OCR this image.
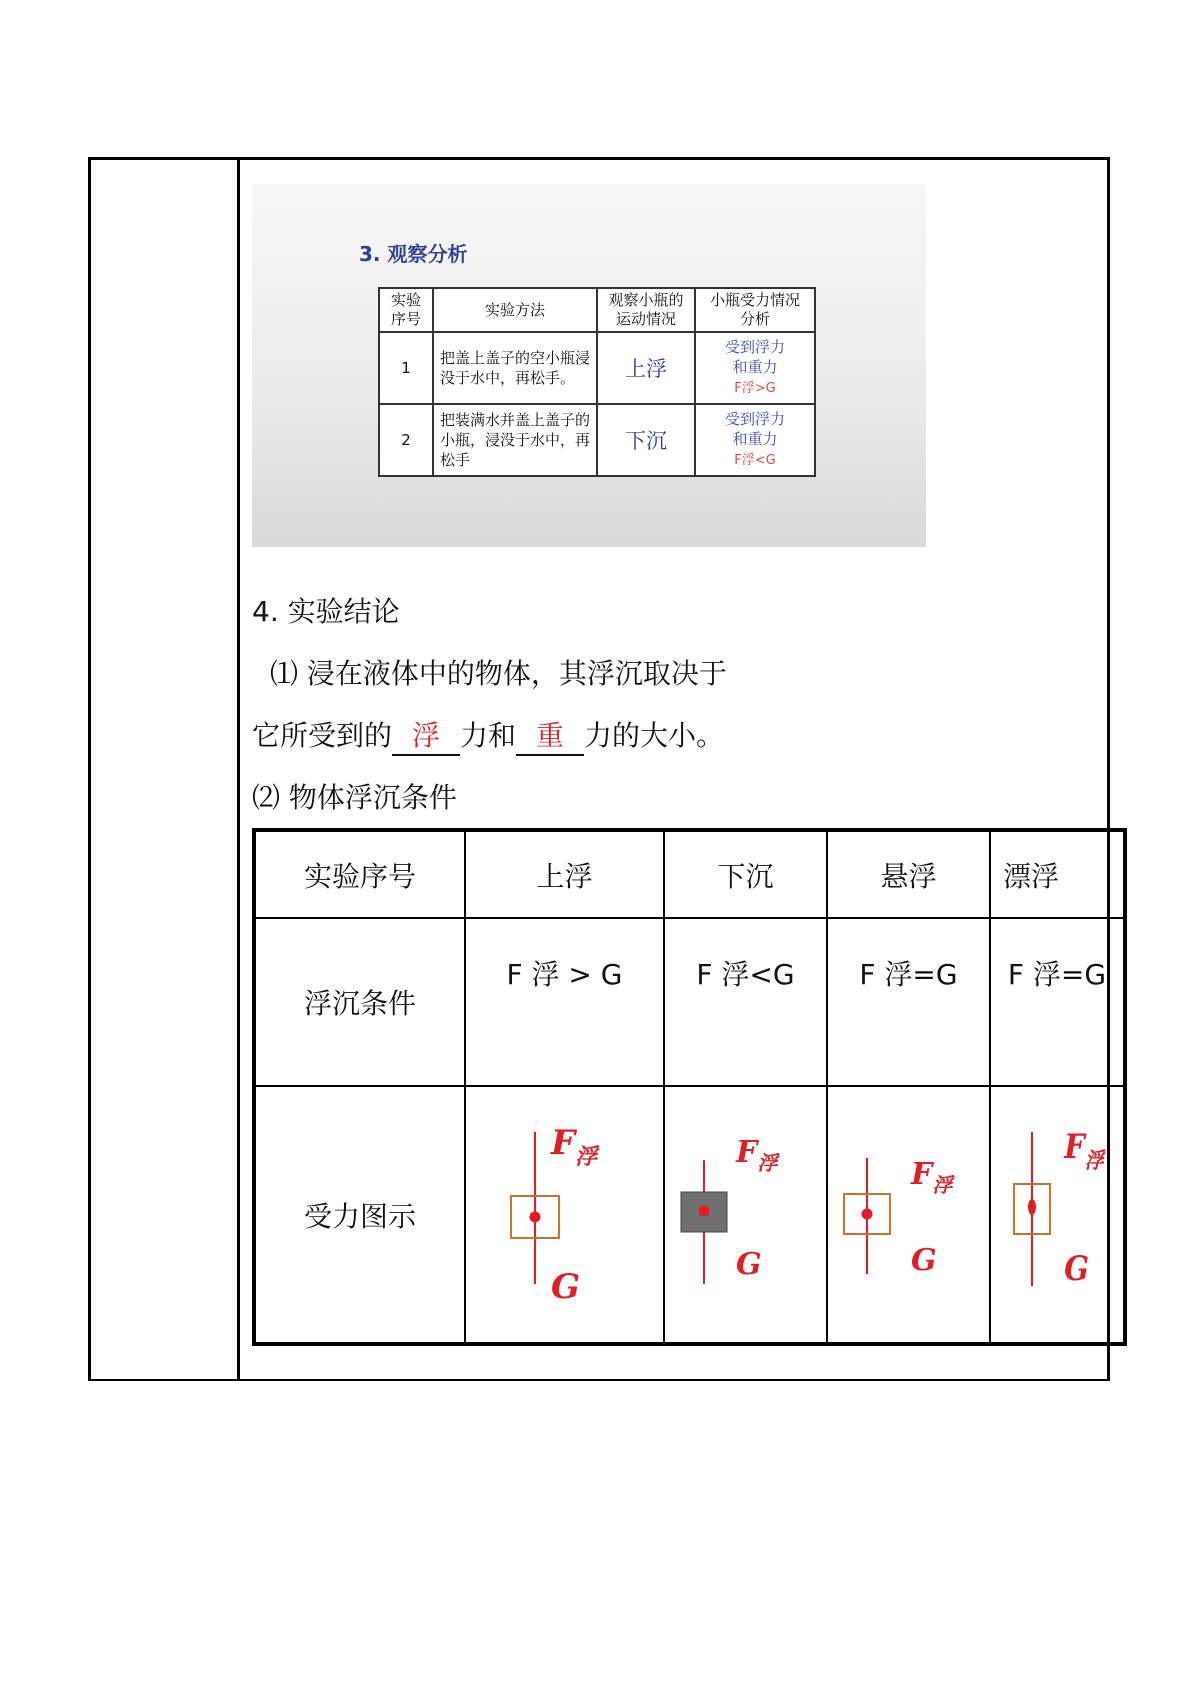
3. 观察分析
实验
序号	实验方法	观察小瓶的
运动情况	小瓶受力情况
分析
1	把盖上盖子的空小瓶浸没于水中，再松手。	上浮	受到浮力
和重力
F浮>G
2	把装满水并盖上盖子的小瓶，浸没于水中，再松手	下沉	受到浮力
和重力
F浮<G
4. 实验结论
⑴ 浸在液体中的物体，其浮沉取决于
它所受到的 浮 力和 重 力的大小。
⑵ 物体浮沉条件
实验序号	上浮	下沉	悬浮	漂浮
浮沉条件	F 浮 > G	F 浮<G	F 浮=G	F 浮=G
受力图示	$F_浮$
G	$F_浮$
G	$F_浮$
G	$F_浮$
G
